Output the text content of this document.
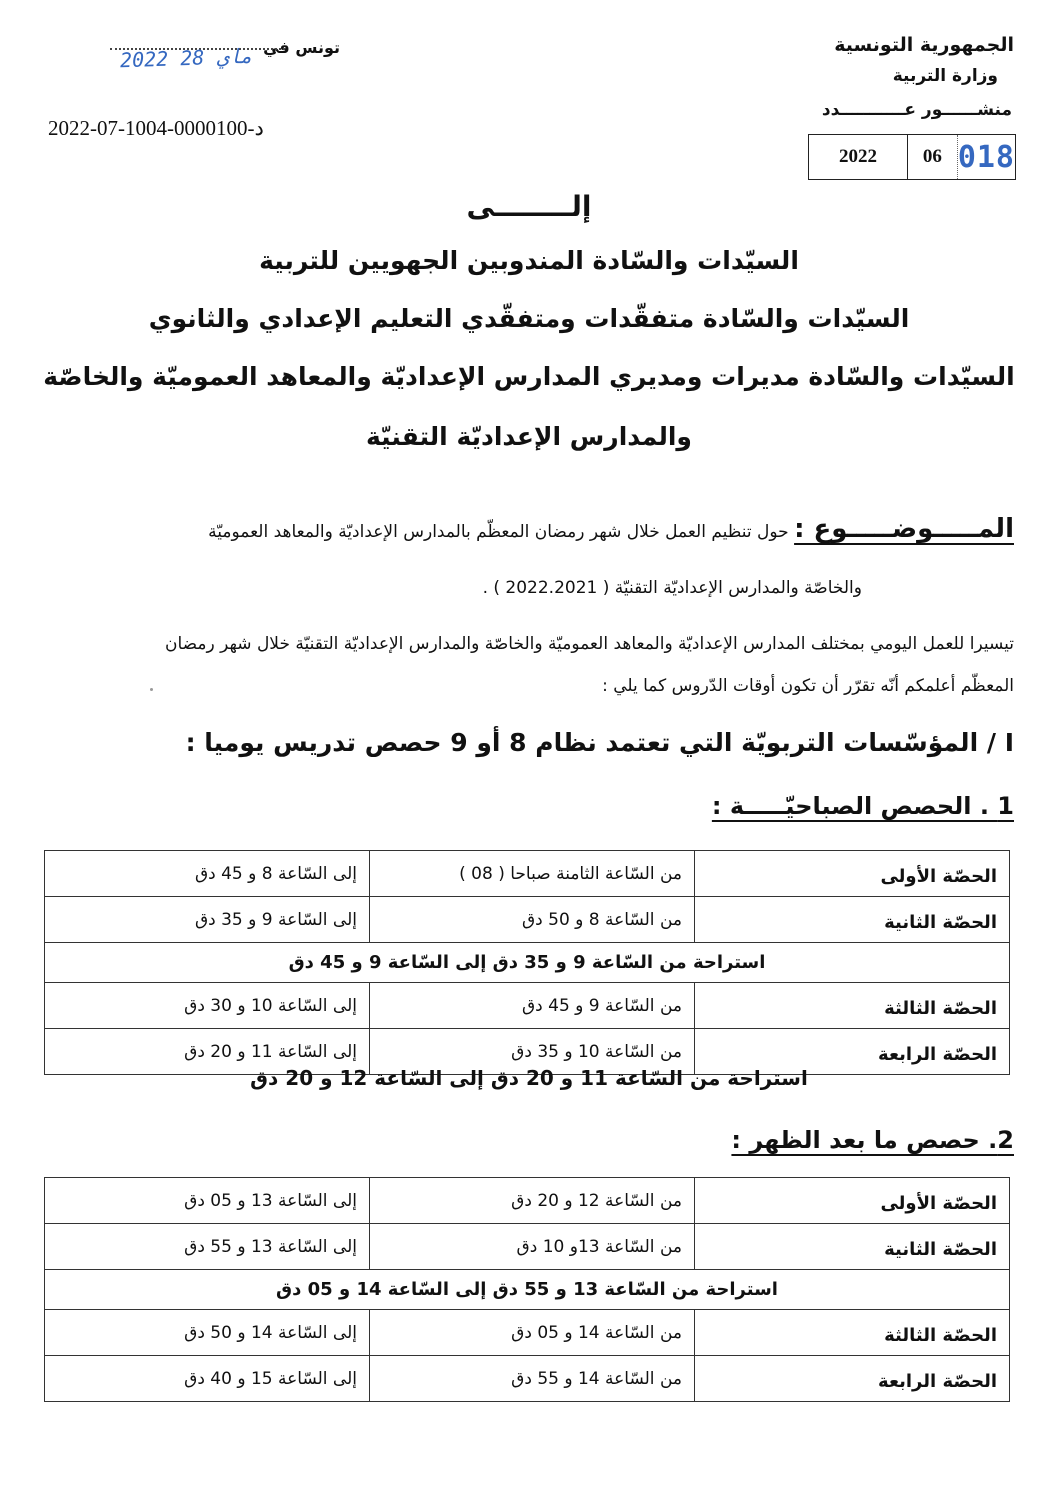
الجمهورية التونسية
وزارة التربية
منشــــــور عـــــــــــدد
2022	06 018
تونس في
2022 ماي 28
د-0000100-1004-07-2022
إلــــــــى
السيّدات والسّادة المندوبين الجهويين للتربية
السيّدات والسّادة متفقّدات ومتفقّدي التعليم الإعدادي والثانوي
السيّدات والسّادة مديرات ومديري المدارس الإعداديّة والمعاهد العموميّة والخاصّة
والمدارس الإعداديّة التقنيّة
المـــــوضـــــوع : حول تنظيم العمل خلال شهر رمضان المعظّم بالمدارس الإعداديّة والمعاهد العموميّة
والخاصّة والمدارس الإعداديّة التقنيّة ( 2022.2021 ) .
تيسيرا للعمل اليومي بمختلف المدارس الإعداديّة والمعاهد العموميّة والخاصّة والمدارس الإعداديّة التقنيّة خلال شهر رمضان
المعظّم أعلمكم أنّه تقرّر أن تكون أوقات الدّروس كما يلي :
I / المؤسّسات التربويّة التي تعتمد نظام 8 أو 9 حصص تدريس يوميا :
1 . الحصص الصباحيّـــــة :
الحصّة الأولى	من السّاعة الثامنة صباحا ( 08 )	إلى السّاعة 8 و 45 دق
الحصّة الثانية	من السّاعة 8 و 50 دق	إلى السّاعة 9 و 35 دق
استراحة من السّاعة 9 و 35 دق إلى السّاعة 9 و 45 دق		
الحصّة الثالثة	من السّاعة 9 و 45 دق	إلى السّاعة 10 و 30 دق
الحصّة الرابعة	من السّاعة 10 و 35 دق	إلى السّاعة 11 و 20 دق
استراحة من السّاعة 11 و 20 دق إلى السّاعة 12 و 20 دق
2. حصص ما بعد الظهر :
الحصّة الأولى	من السّاعة 12 و 20 دق	إلى السّاعة 13 و 05 دق
الحصّة الثانية	من السّاعة 13و 10 دق	إلى السّاعة 13 و 55 دق
استراحة من السّاعة 13 و 55 دق إلى السّاعة 14 و 05 دق		
الحصّة الثالثة	من السّاعة 14 و 05 دق	إلى السّاعة 14 و 50 دق
الحصّة الرابعة	من السّاعة 14 و 55 دق	إلى السّاعة 15 و 40 دق
